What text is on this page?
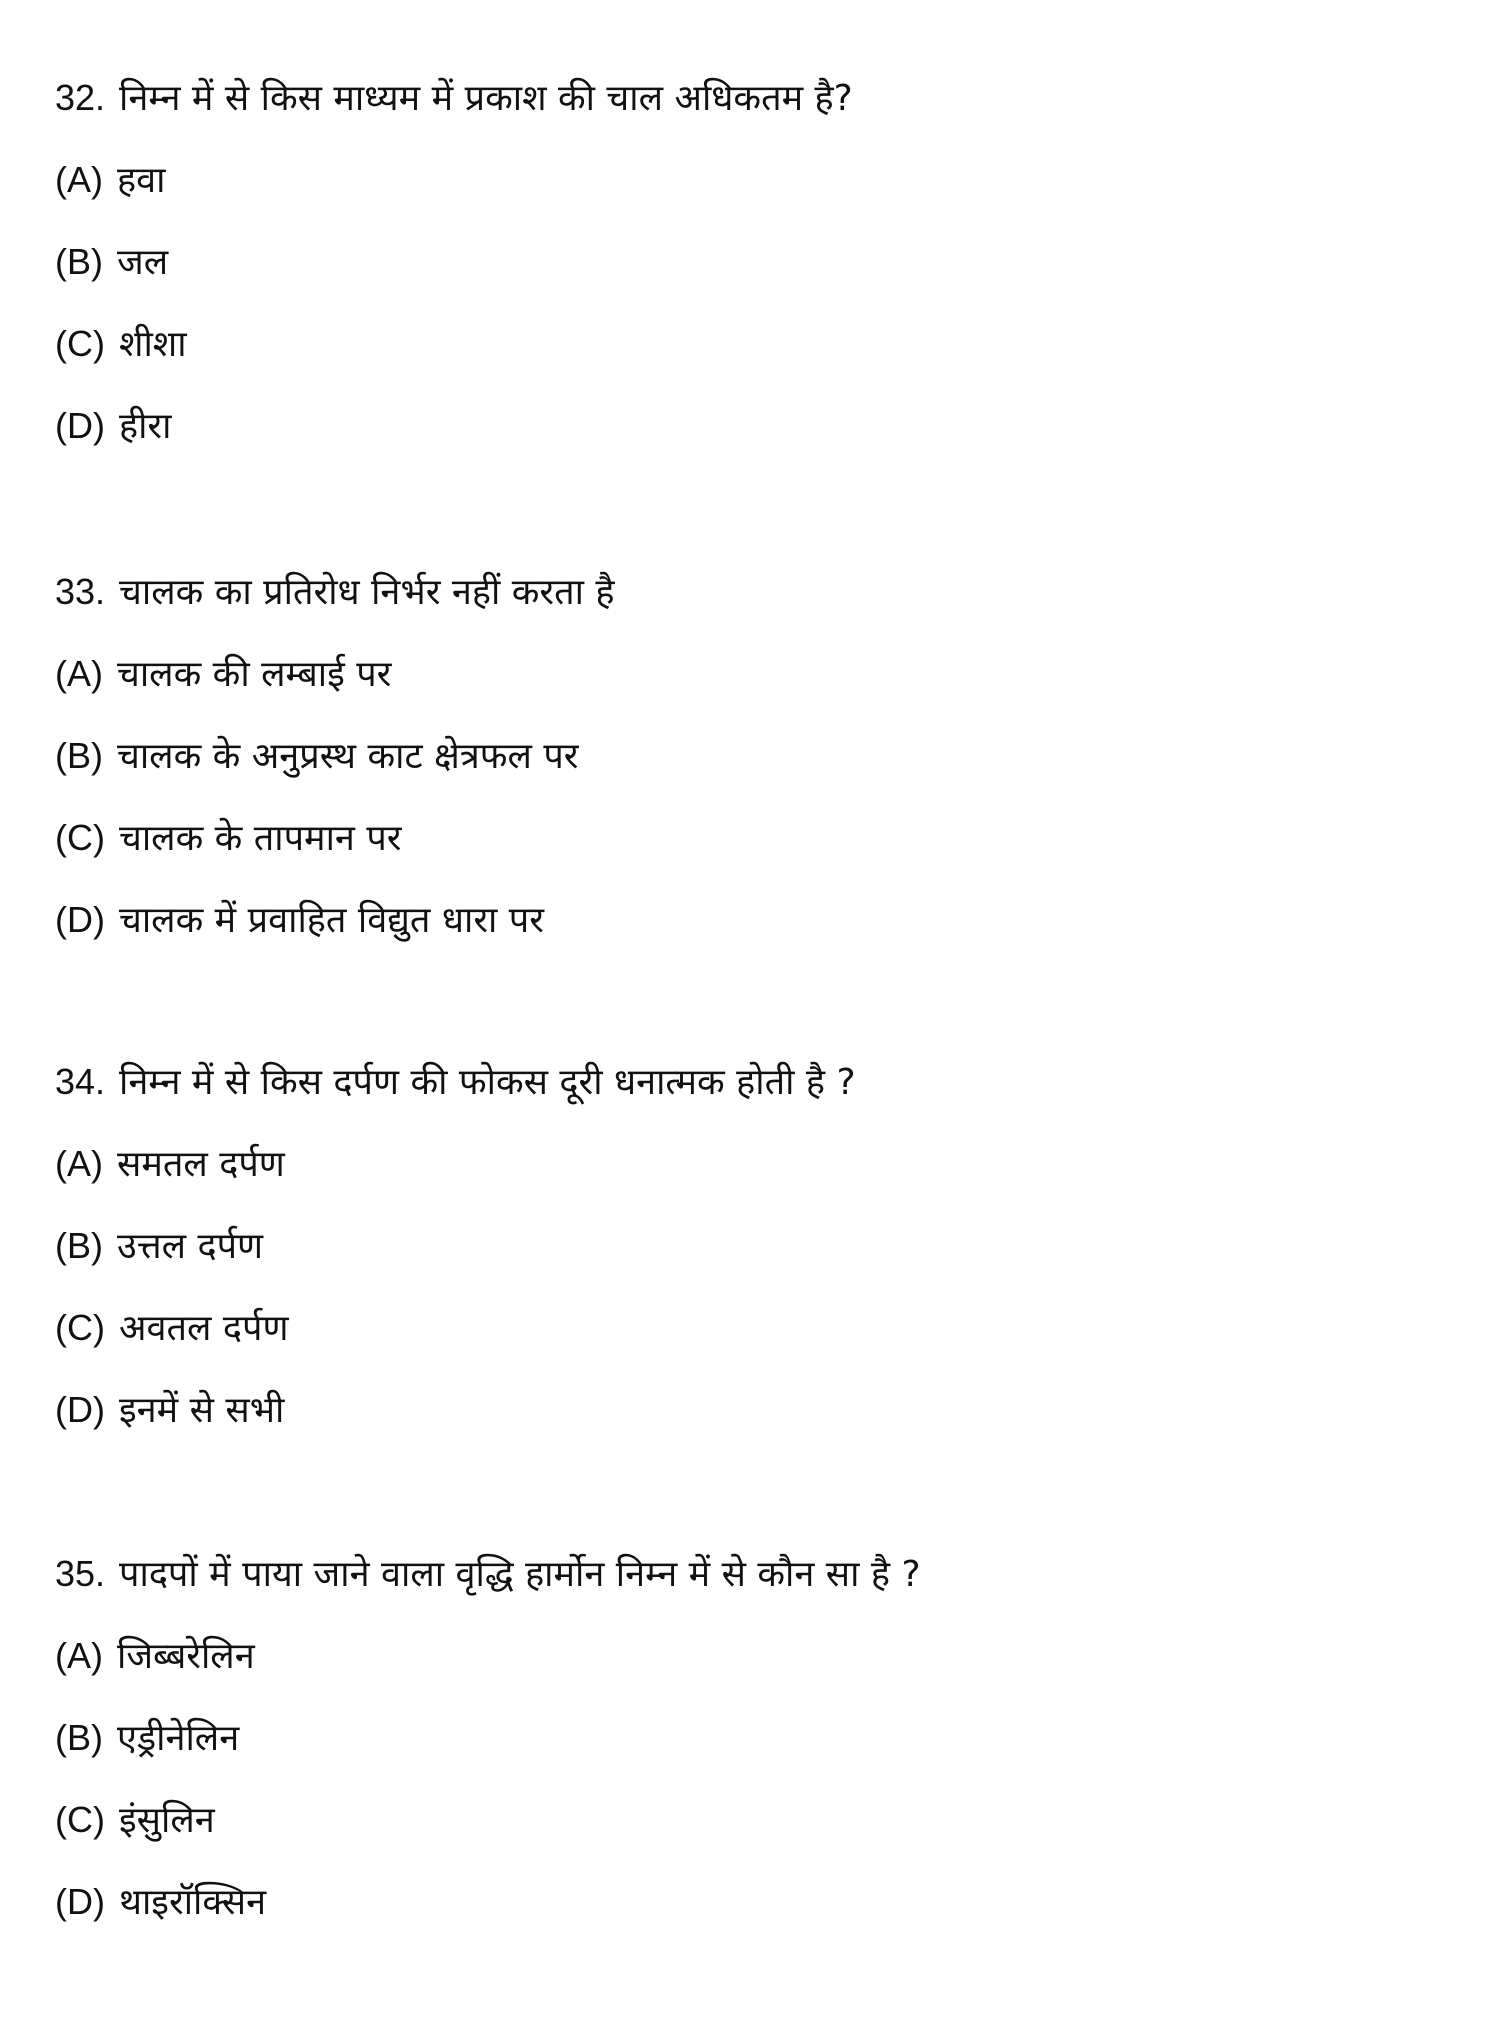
32. निम्न में से किस माध्यम में प्रकाश की चाल अधिकतम है?
(A) हवा
(B) जल
(C) शीशा
(D) हीरा
33. चालक का प्रतिरोध निर्भर नहीं करता है
(A) चालक की लम्बाई पर
(B) चालक के अनुप्रस्थ काट क्षेत्रफल पर
(C) चालक के तापमान पर
(D) चालक में प्रवाहित विद्युत धारा पर
34. निम्न में से किस दर्पण की फोकस दूरी धनात्मक होती है ?
(A) समतल दर्पण
(B) उत्तल दर्पण
(C) अवतल दर्पण
(D) इनमें से सभी
35. पादपों में पाया जाने वाला वृद्धि हार्मोन निम्न में से कौन सा है ?
(A) जिब्बरेलिन
(B) एड्रीनेलिन
(C) इंसुलिन
(D) थाइरॉक्सिन
